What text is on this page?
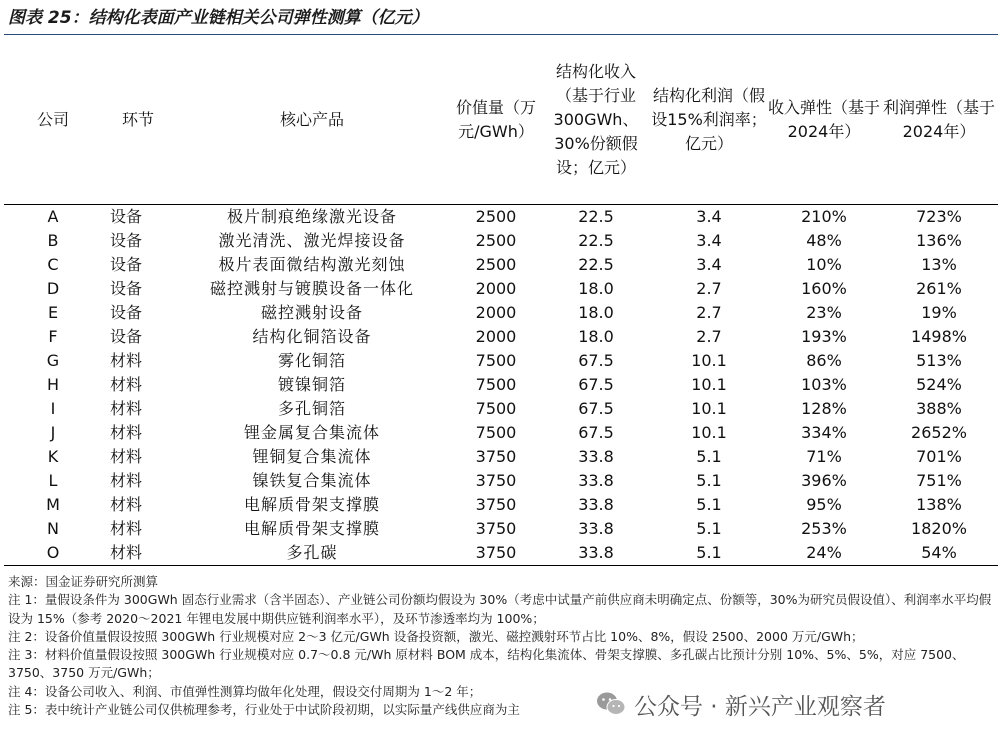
图表 25：结构化表面产业链相关公司弹性测算（亿元）
公司	环节	核心产品	价值量（万元/GWh）	结构化收入（基于行业300GWh、30%份额假设；亿元）	结构化利润（假设15%利润率；亿元）	收入弹性（基于2024年）	利润弹性（基于2024年）
A	设备	极片制痕绝缘激光设备	2500	22.5	3.4	210%	723%
B	设备	激光清洗、激光焊接设备	2500	22.5	3.4	48%	136%
C	设备	极片表面微结构激光刻蚀	2500	22.5	3.4	10%	13%
D	设备	磁控溅射与镀膜设备一体化	2000	18.0	2.7	160%	261%
E	设备	磁控溅射设备	2000	18.0	2.7	23%	19%
F	设备	结构化铜箔设备	2000	18.0	2.7	193%	1498%
G	材料	雾化铜箔	7500	67.5	10.1	86%	513%
H	材料	镀镍铜箔	7500	67.5	10.1	103%	524%
I	材料	多孔铜箔	7500	67.5	10.1	128%	388%
J	材料	锂金属复合集流体	7500	67.5	10.1	334%	2652%
K	材料	锂铜复合集流体	3750	33.8	5.1	71%	701%
L	材料	镍铁复合集流体	3750	33.8	5.1	396%	751%
M	材料	电解质骨架支撑膜	3750	33.8	5.1	95%	138%
N	材料	电解质骨架支撑膜	3750	33.8	5.1	253%	1820%
O	材料	多孔碳	3750	33.8	5.1	24%	54%
来源：国金证券研究所测算
注 1：量假设条件为 300GWh 固态行业需求（含半固态）、产业链公司份额均假设为 30%（考虑中试量产前供应商未明确定点、份额等，30%为研究员假设值）、利润率水平均假设为 15%（参考 2020～2021 年锂电发展中期供应链利润率水平），及环节渗透率均为 100%；
注 2：设备价值量假设按照 300GWh 行业规模对应 2～3 亿元/GWh 设备投资额，激光、磁控溅射环节占比 10%、8%，假设 2500、2000 万元/GWh；
注 3：材料价值量假设按照 300GWh 行业规模对应 0.7～0.8 元/Wh 原材料 BOM 成本，结构化集流体、骨架支撑膜、多孔碳占比预计分别 10%、5%、5%，对应 7500、3750、3750 万元/GWh；
注 4：设备公司收入、利润、市值弹性测算均做年化处理，假设交付周期为 1～2 年；
注 5：表中统计产业链公司仅供梳理参考，行业处于中试阶段初期，以实际量产线供应商为主	公众号 · 新兴产业观察者
